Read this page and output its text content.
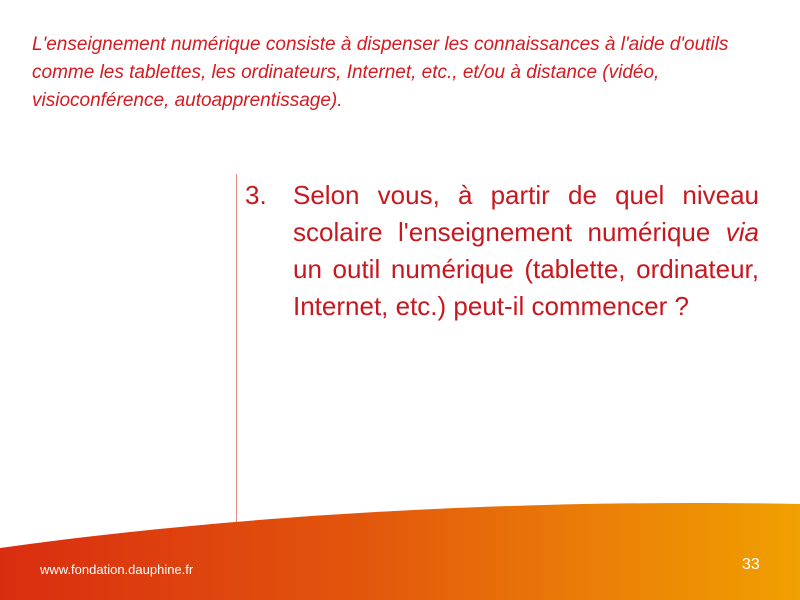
L'enseignement numérique consiste à dispenser les connaissances à l'aide d'outils comme les tablettes, les ordinateurs, Internet, etc., et/ou à distance (vidéo, visioconférence, autoapprentissage).

3.	Selon vous, à partir de quel niveau scolaire l'enseignement numérique via un outil numérique (tablette, ordinateur, Internet, etc.) peut-il commencer ?

www.fondation.dauphine.fr	33
